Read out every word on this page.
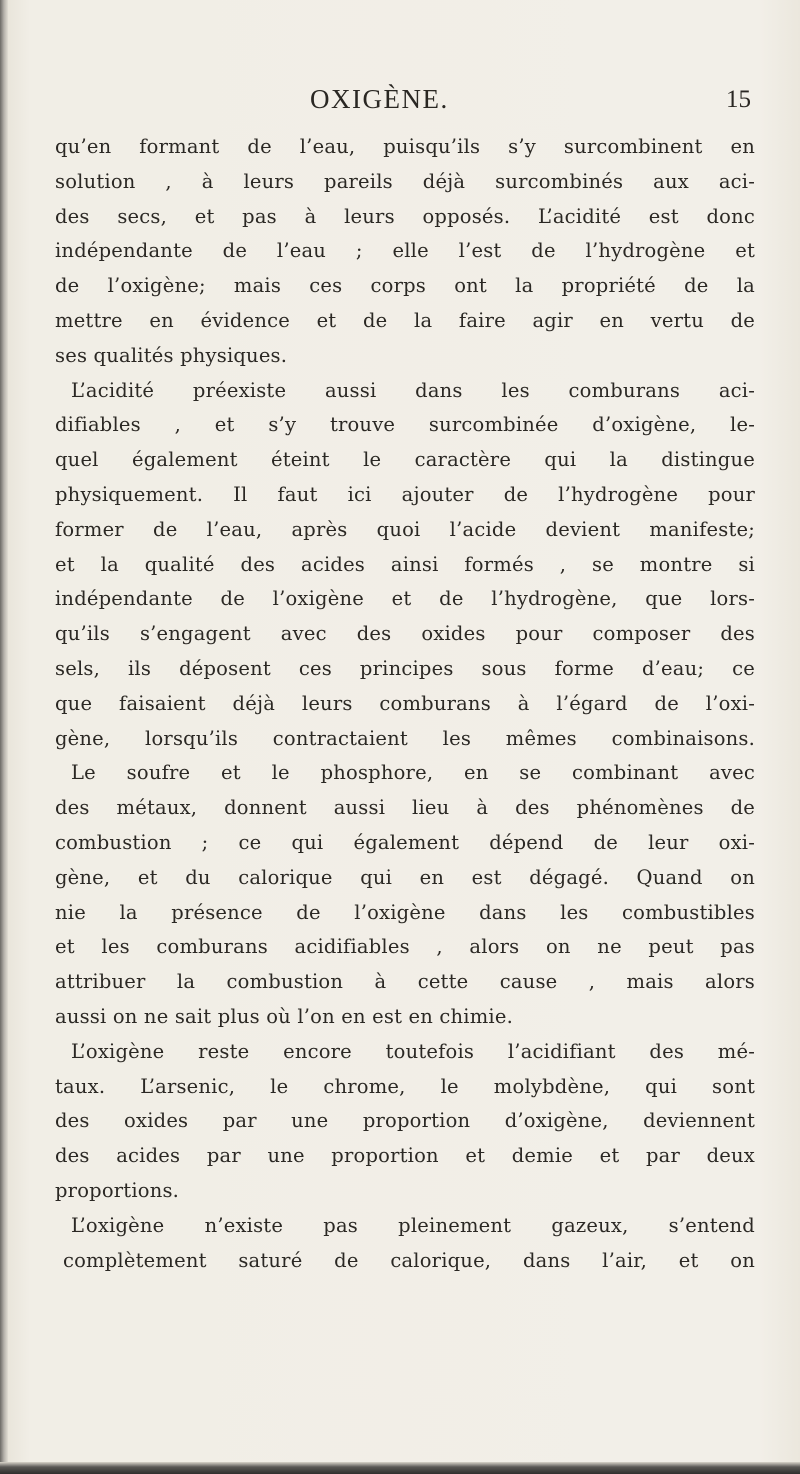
OXIGÈNE.	15
qu’en formant de l’eau, puisqu’ils s’y surcombinent en
solution , à leurs pareils déjà surcombinés aux aci-
des secs, et pas à leurs opposés. L’acidité est donc
indépendante de l’eau ; elle l’est de l’hydrogène et
de l’oxigène; mais ces corps ont la propriété de la
mettre en évidence et de la faire agir en vertu de
ses qualités physiques.
L’acidité préexiste aussi dans les comburans aci-
difiables , et s’y trouve surcombinée d’oxigène, le-
quel également éteint le caractère qui la distingue
physiquement. Il faut ici ajouter de l’hydrogène pour
former de l’eau, après quoi l’acide devient manifeste;
et la qualité des acides ainsi formés , se montre si
indépendante de l’oxigène et de l’hydrogène, que lors-
qu’ils s’engagent avec des oxides pour composer des
sels, ils déposent ces principes sous forme d’eau; ce
que faisaient déjà leurs comburans à l’égard de l’oxi-
gène, lorsqu’ils contractaient les mêmes combinaisons.
Le soufre et le phosphore, en se combinant avec
des métaux, donnent aussi lieu à des phénomènes de
combustion ; ce qui également dépend de leur oxi-
gène, et du calorique qui en est dégagé. Quand on
nie la présence de l’oxigène dans les combustibles
et les comburans acidifiables , alors on ne peut pas
attribuer la combustion à cette cause , mais alors
aussi on ne sait plus où l’on en est en chimie.
L’oxigène reste encore toutefois l’acidifiant des mé-
taux. L’arsenic, le chrome, le molybdène, qui sont
des oxides par une proportion d’oxigène, deviennent
des acides par une proportion et demie et par deux
proportions.
L’oxigène n’existe pas pleinement gazeux, s’entend
complètement saturé de calorique, dans l’air, et on
